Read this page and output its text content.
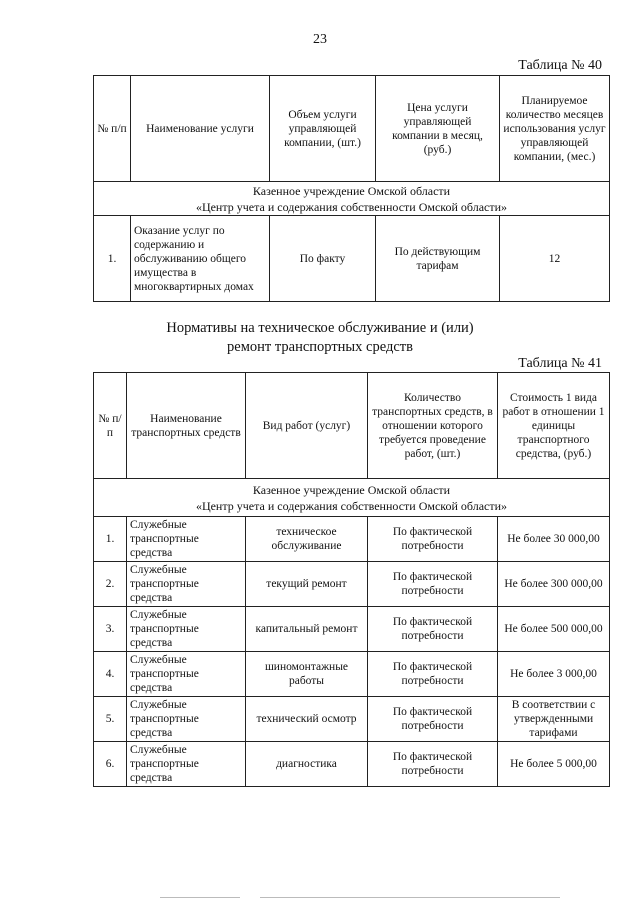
23
Таблица № 40
№ п/п	Наименование услуги	Объем услуги управляющей компании, (шт.)	Цена услуги управляющей компании в месяц, (руб.)	Планируемое количество месяцев использования услуг управляющей компании, (мес.)

Казенное учреждение Омской области
«Центр учета и содержания собственности Омской области»				

1.	Оказание услуг по содержанию и обслуживанию общего имущества в многоквартирных домах	По факту	По действующим тарифам	12
Нормативы на техническое обслуживание и (или)
ремонт транспортных средств
Таблица № 41
№ п/п	Наименование транспортных средств	Вид работ (услуг)	Количество транспортных средств, в отношении которого требуется проведение работ, (шт.)	Стоимость 1 вида работ в отношении 1 единицы транспортного средства, (руб.)

Казенное учреждение Омской области
«Центр учета и содержания собственности Омской области»				

1.	Служебные транспортные средства	техническое обслуживание	По фактической потребности	Не более 30 000,00
2.	Служебные транспортные средства	текущий ремонт	По фактической потребности	Не более 300 000,00
3.	Служебные транспортные средства	капитальный ремонт	По фактической потребности	Не более 500 000,00
4.	Служебные транспортные средства	шиномонтажные работы	По фактической потребности	Не более 3 000,00
5.	Служебные транспортные средства	технический осмотр	По фактической потребности	В соответствии с утвержденными тарифами
6.	Служебные транспортные средства	диагностика	По фактической потребности	Не более 5 000,00
